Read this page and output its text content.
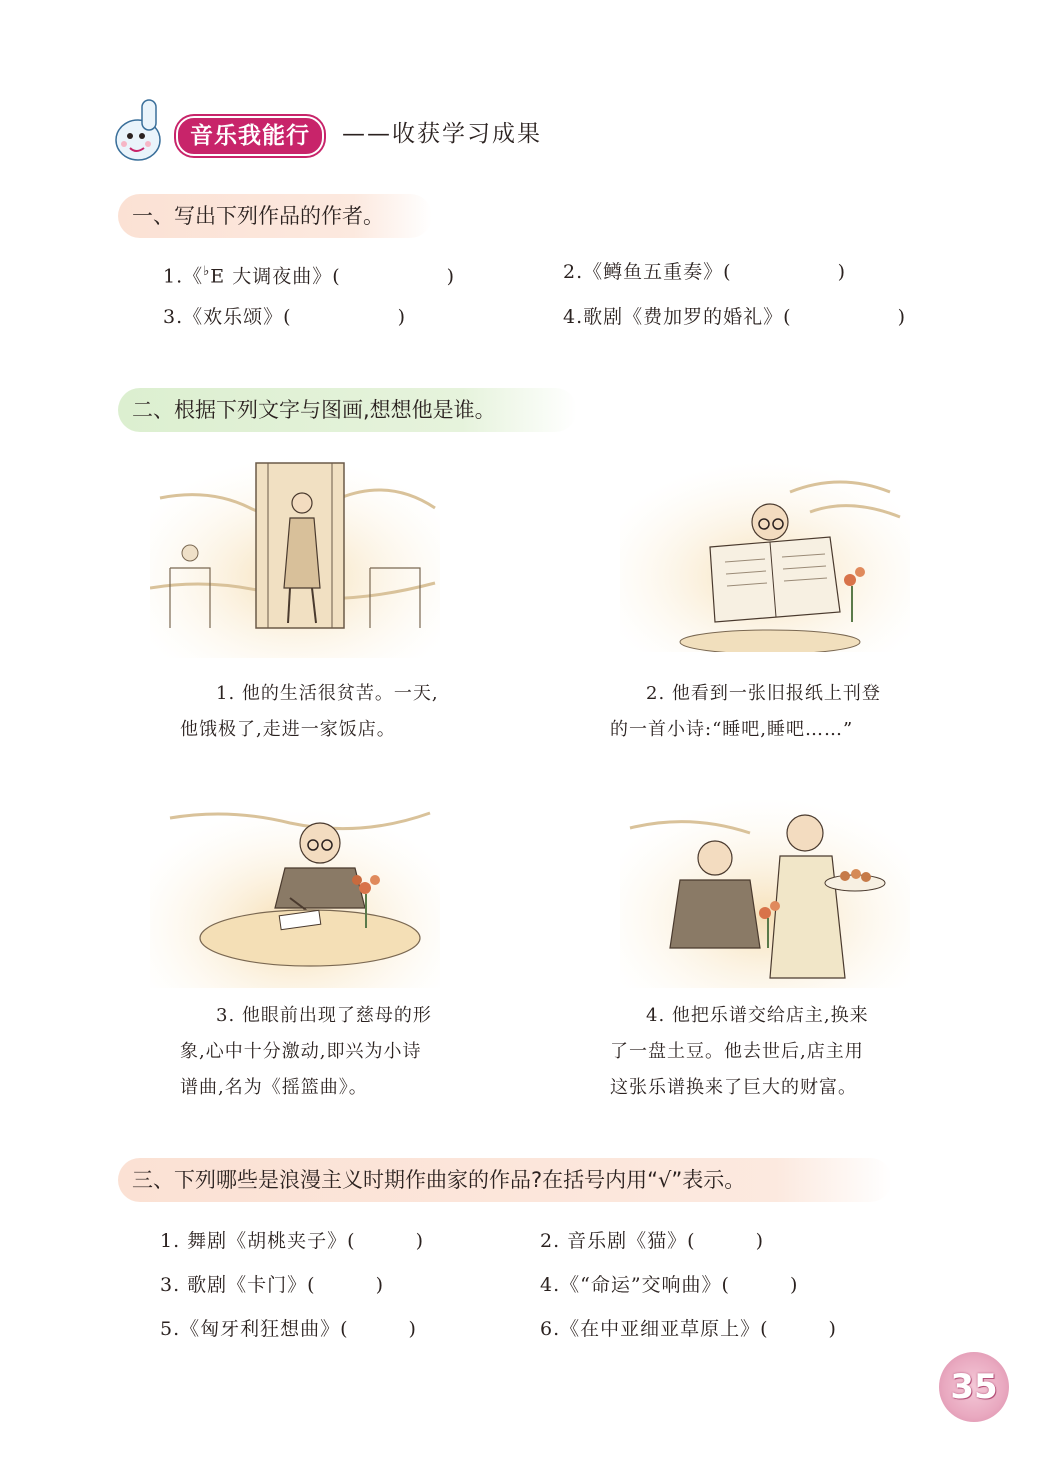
音乐我能行	——收获学习成果
一、写出下列作品的作者。
1.《♭E 大调夜曲》(	)	2.《鳟鱼五重奏》(	)
3.《欢乐颂》(	)	4.歌剧《费加罗的婚礼》(	)
二、根据下列文字与图画,想想他是谁。
1. 他的生活很贫苦。一天,
他饿极了,走进一家饭店。
2. 他看到一张旧报纸上刊登
的一首小诗:“睡吧,睡吧……”
3. 他眼前出现了慈母的形
象,心中十分激动,即兴为小诗
谱曲,名为《摇篮曲》。
4. 他把乐谱交给店主,换来
了一盘土豆。他去世后,店主用
这张乐谱换来了巨大的财富。
三、下列哪些是浪漫主义时期作曲家的作品?在括号内用“√”表示。
1. 舞剧《胡桃夹子》(	)	2. 音乐剧《猫》(	)
3. 歌剧《卡门》(	)	4.《“命运”交响曲》(	)
5.《匈牙利狂想曲》(	)	6.《在中亚细亚草原上》(	)
35
